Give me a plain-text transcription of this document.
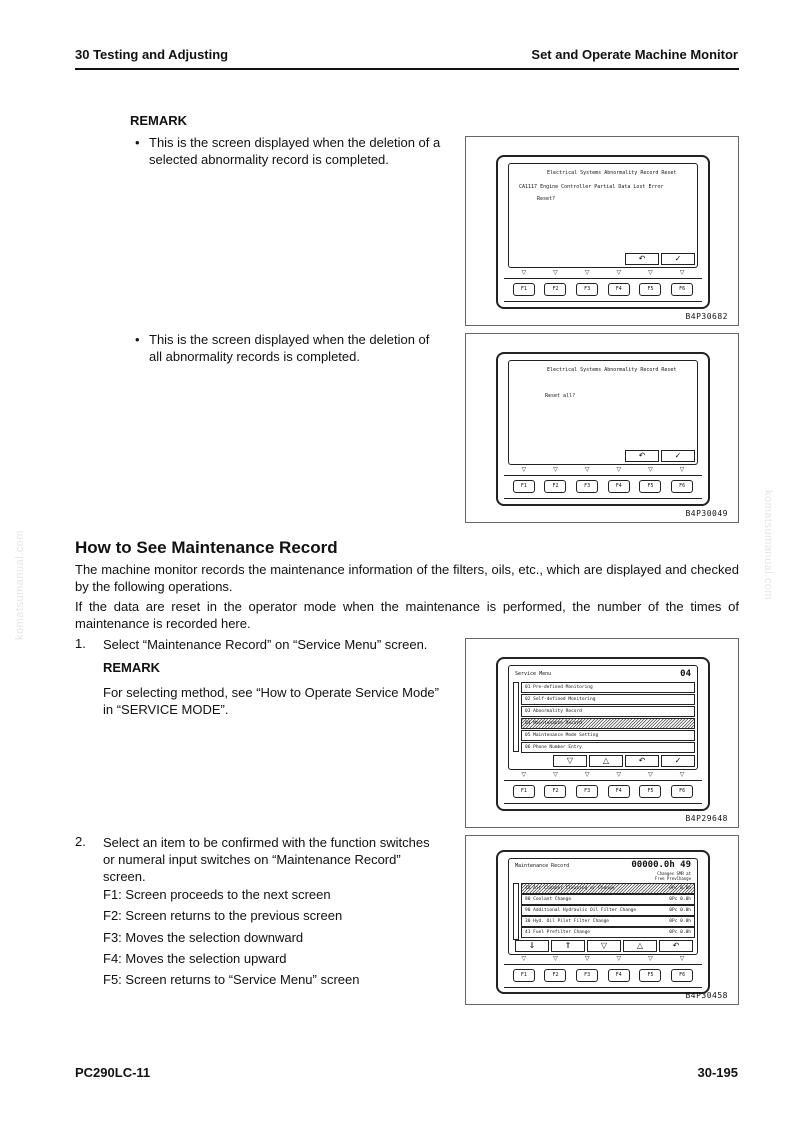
30 Testing and Adjusting	Set and Operate Machine Monitor
komatsumanual.com	komatsumanual.com
REMARK
• This is the screen displayed when the deletion of a
selected abnormality record is completed.
Electrical Systems Abnormality Record Reset
CA1117 Engine Controller Partial Data Lost Error
Reset?
↶	✓
▽	▽	▽	▽	▽	▽
F1	F2	F3	F4	F5	F6
B4P30682
• This is the screen displayed when the deletion of
all abnormality records is completed.
Electrical Systems Abnormality Record Reset
Reset all?
↶	✓
▽	▽	▽	▽	▽	▽
F1	F2	F3	F4	F5	F6
B4P30049
How to See Maintenance Record
The machine monitor records the maintenance information of the filters, oils, etc., which are displayed and checked by the following operations.
If the data are reset in the operator mode when the maintenance is performed, the number of the times of maintenance is recorded here.
1. Select “Maintenance Record” on “Service Menu” screen.
REMARK
For selecting method, see “How to Operate Service Mode”
in “SERVICE MODE”.
Service Menu	04
01 Pre-defined Monitoring
02 Self-defined Monitoring
03 Abnormality Record
04 Maintenance Record
05 Maintenance Mode Setting
06 Phone Number Entry
▽	△	↶	✓
▽	▽	▽	▽	▽	▽
F1	F2	F3	F4	F5	F6
B4P29648
2. Select an item to be confirmed with the function switches
or numeral input switches on “Maintenance Record”
screen.
F1: Screen proceeds to the next screen
F2: Screen returns to the previous screen
F3: Moves the selection downward
F4: Moves the selection upward
F5: Screen returns to “Service Menu” screen
Maintenance Record	00000.0h 49
Changes SMR at
Free PrevChange
48 Air Cleaner Cleaning or Change	0Pc 0.0h
80 Coolant Change	0Pc 0.0h
90 Additional Hydraulic Oil Filter Change	0Pc 0.0h
30 Hyd. Oil Pilot Filter Change	0Pc 0.0h
41 Fuel Prefilter Change	0Pc 0.0h
⇓	⇑	▽	△	↶
▽	▽	▽	▽	▽	▽
F1	F2	F3	F4	F5	F6
B4P30458
PC290LC-11	30-195
